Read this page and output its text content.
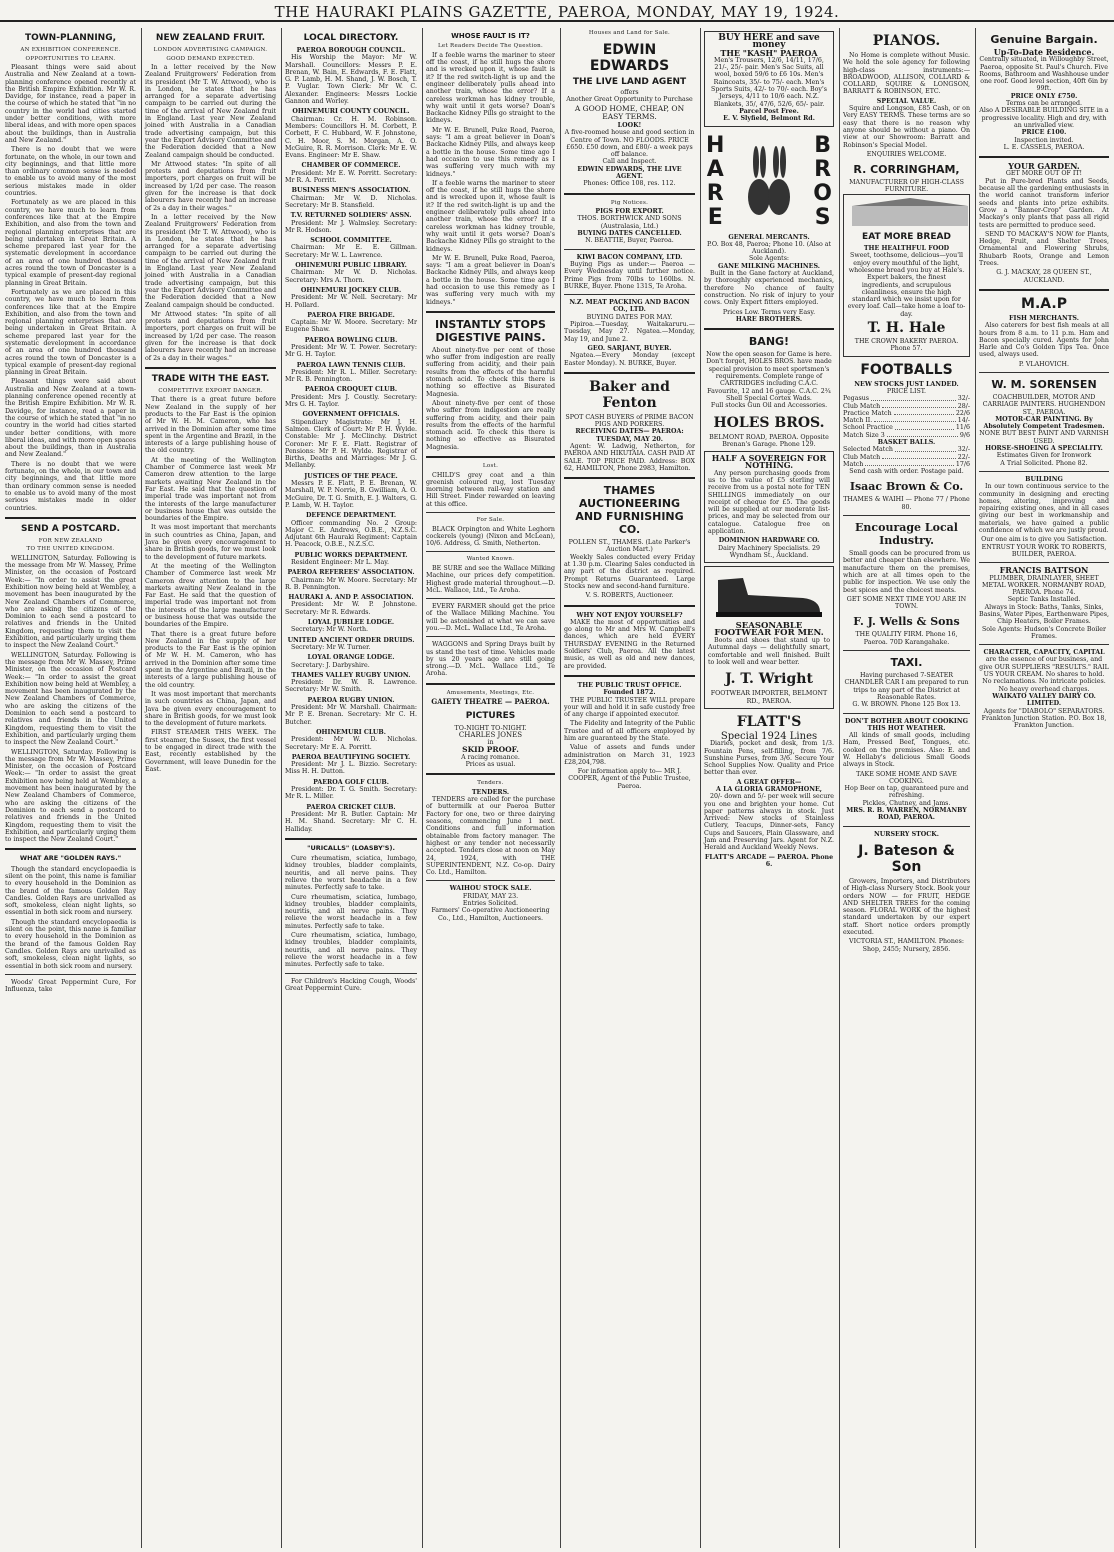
THE HAURAKI PLAINS GAZETTE, PAEROA, MONDAY, MAY 19, 1924.
TOWN-PLANNING,
AN EXHIBITION CONFERENCE.
OPPORTUNITIES TO LEARN.

Pleasant things were said about Australia and New Zealand at a town-planning conference opened recently at the British Empire Exhibition. Mr W. R. Davidge, for instance, read a paper in the course of which he stated that "in no country in the world had cities started under better conditions, with more liberal ideas, and with more open spaces about the buildings, than in Australia and New Zealand."

There is no doubt that we were fortunate, on the whole, in our town and city beginnings, and that little more than ordinary common sense is needed to enable us to avoid many of the most serious mistakes made in older countries.

Fortunately as we are placed in this country, we have much to learn from conferences like that at the Empire Exhibition, and also from the town and regional planning enterprises that are being undertaken in Great Britain. A scheme prepared last year for the systematic development in accordance of an area of one hundred thousand acres round the town of Doncaster is a typical example of present-day regional planning in Great Britain.

Fortunately as we are placed in this country, we have much to learn from conferences like that at the Empire Exhibition, and also from the town and regional planning enterprises that are being undertaken in Great Britain. A scheme prepared last year for the systematic development in accordance of an area of one hundred thousand acres round the town of Doncaster is a typical example of present-day regional planning in Great Britain.

Pleasant things were said about Australia and New Zealand at a town-planning conference opened recently at the British Empire Exhibition. Mr W. R. Davidge, for instance, read a paper in the course of which he stated that "in no country in the world had cities started under better conditions, with more liberal ideas, and with more open spaces about the buildings, than in Australia and New Zealand."

There is no doubt that we were fortunate, on the whole, in our town and city beginnings, and that little more than ordinary common sense is needed to enable us to avoid many of the most serious mistakes made in older countries.

SEND A POSTCARD.
FOR NEW ZEALAND
TO THE UNITED KINGDOM.

WELLINGTON, Saturday. Following is the message from Mr W. Massey, Prime Minister, on the occasion of Postcard Week:— "In order to assist the great Exhibition now being held at Wembley, a movement has been inaugurated by the New Zealand Chambers of Commerce, who are asking the citizens of the Dominion to each send a postcard to relatives and friends in the United Kingdom, requesting them to visit the Exhibition, and particularly urging them to inspect the New Zealand Court."

WELLINGTON, Saturday. Following is the message from Mr W. Massey, Prime Minister, on the occasion of Postcard Week:— "In order to assist the great Exhibition now being held at Wembley, a movement has been inaugurated by the New Zealand Chambers of Commerce, who are asking the citizens of the Dominion to each send a postcard to relatives and friends in the United Kingdom, requesting them to visit the Exhibition, and particularly urging them to inspect the New Zealand Court."

WELLINGTON, Saturday. Following is the message from Mr W. Massey, Prime Minister, on the occasion of Postcard Week:— "In order to assist the great Exhibition now being held at Wembley, a movement has been inaugurated by the New Zealand Chambers of Commerce, who are asking the citizens of the Dominion to each send a postcard to relatives and friends in the United Kingdom, requesting them to visit the Exhibition, and particularly urging them to inspect the New Zealand Court."

WHAT ARE "GOLDEN RAYS."

Though the standard encyclopaedia is silent on the point, this name is familiar to every household in the Dominion as the brand of the famous Golden Ray Candles. Golden Rays are unrivalled as soft, smokeless, clean night lights, so essential in both sick room and nursery.

Though the standard encyclopaedia is silent on the point, this name is familiar to every household in the Dominion as the brand of the famous Golden Ray Candles. Golden Rays are unrivalled as soft, smokeless, clean night lights, so essential in both sick room and nursery.

Woods' Great Peppermint Cure, For Influenza, take

NEW ZEALAND FRUIT.
LONDON ADVERTISING CAMPAIGN.
GOOD DEMAND EXPECTED.

In a letter received by the New Zealand Fruitgrowers' Federation from its president (Mr T. W. Attwood), who is in London, he states that he has arranged for a separate advertising campaign to be carried out during the time of the arrival of New Zealand fruit in England. Last year New Zealand joined with Australia in a Canadian trade advertising campaign, but this year the Export Advisory Committee and the Federation decided that a New Zealand campaign should be conducted.

Mr Attwood states: "In spite of all protests and deputations from fruit importers, port charges on fruit will be increased by 1/2d per case. The reason given for the increase is that dock labourers have recently had an increase of 2s a day in their wages."

In a letter received by the New Zealand Fruitgrowers' Federation from its president (Mr T. W. Attwood), who is in London, he states that he has arranged for a separate advertising campaign to be carried out during the time of the arrival of New Zealand fruit in England. Last year New Zealand joined with Australia in a Canadian trade advertising campaign, but this year the Export Advisory Committee and the Federation decided that a New Zealand campaign should be conducted.

Mr Attwood states: "In spite of all protests and deputations from fruit importers, port charges on fruit will be increased by 1/2d per case. The reason given for the increase is that dock labourers have recently had an increase of 2s a day in their wages."

TRADE WITH THE EAST.
COMPETITIVE EXPORT DANGER.

That there is a great future before New Zealand in the supply of her products to the Far East is the opinion of Mr W. H. M. Cameron, who has arrived in the Dominion after some time spent in the Argentine and Brazil, in the interests of a large publishing house of the old country.

At the meeting of the Wellington Chamber of Commerce last week Mr Cameron drew attention to the large markets awaiting New Zealand in the Far East. He said that the question of imperial trade was important not from the interests of the large manufacturer or business house that was outside the boundaries of the Empire.

It was most important that merchants in such countries as China, Japan, and Java be given every encouragement to share in British goods, for we must look to the development of future markets.

At the meeting of the Wellington Chamber of Commerce last week Mr Cameron drew attention to the large markets awaiting New Zealand in the Far East. He said that the question of imperial trade was important not from the interests of the large manufacturer or business house that was outside the boundaries of the Empire.

That there is a great future before New Zealand in the supply of her products to the Far East is the opinion of Mr W. H. M. Cameron, who has arrived in the Dominion after some time spent in the Argentine and Brazil, in the interests of a large publishing house of the old country.

It was most important that merchants in such countries as China, Japan, and Java be given every encouragement to share in British goods, for we must look to the development of future markets.

FIRST STEAMER THIS WEEK. The first steamer, the Sussex, the first vessel to be engaged in direct trade with the East, recently established by the Government, will leave Dunedin for the East.

LOCAL DIRECTORY.
PAEROA BOROUGH COUNCIL.

His Worship the Mayor: Mr W. Marshall. Councillors: Messrs P. E. Brenan, W. Bain, E. Edwards, F. E. Flatt, G. P. Lamb, H. M. Shand, J. W. Bosch, T. P. Vuglar. Town Clerk: Mr W. C. Alexander. Engineers: Messrs Lockie Gannon and Worley.

OHINEMURI COUNTY COUNCIL.

Chairman: Cr. H. M. Robinson. Members: Councillors H. M. Corbett, P. Corbett, F. C. Hubbard, W. F. Johnstone, C. H. Moor, S. M. Morgan, A. O. McGuire, R. R. Morrison. Clerk: Mr E. W. Evans. Engineer: Mr E. Shaw.

CHAMBER OF COMMERCE.

President: Mr E. W. Porritt. Secretary: Mr R. A. Porritt.

BUSINESS MEN'S ASSOCIATION.

Chairman: Mr W. D. Nicholas. Secretary: Mr B. Stansfield.

T.V. RETURNED SOLDIERS' ASSN.

President: Mr J. Walmsley. Secretary: Mr R. Hodson.

SCHOOL COMMITTEE.

Chairman: Mr E. E. Gillman. Secretary: Mr W. L. Lawrence.

OHINEMURI PUBLIC LIBRARY.

Chairman: Mr W. D. Nicholas. Secretary: Mrs A. Thorn.

OHINEMURI JOCKEY CLUB.

President: Mr W. Nell. Secretary: Mr H. Pollard.

PAEROA FIRE BRIGADE.

Captain: Mr W. Moore. Secretary: Mr Eugene Shaw.

PAEROA BOWLING CLUB.

President: Mr W. T. Power. Secretary: Mr G. H. Taylor.

PAEROA LAWN TENNIS CLUB.

President: Mr R. L. Miller. Secretary: Mr R. B. Pennington.

PAEROA CROQUET CLUB.

President: Mrs J. Coustly. Secretary: Mrs G. H. Taylor.

GOVERNMENT OFFICIALS.

Stipendiary Magistrate: Mr J. H. Salmon. Clerk of Court: Mr P. H. Wylde. Constable: Mr J. McClinchy. District Coroner: Mr F. E. Flatt. Registrar of Pensions: Mr P. H. Wylde. Registrar of Births, Deaths and Marriages: Mr J. G. Mellanby.

JUSTICES OF THE PEACE.

Messrs P. E. Flatt, P. E. Brenan, W. Marshall, W. P. Norrie, B. Gwilliam, A. O. McGuire, Dr. T. G. Smith, E. J. Walters, G. P. Lamb, W. H. Taylor.

DEFENCE DEPARTMENT.

Officer commanding No. 2 Group: Major C. E. Andrews, O.B.E., N.Z.S.C. Adjutant 6th Hauraki Regiment: Captain H. Peacock, O.B.E., N.Z.S.C.

PUBLIC WORKS DEPARTMENT.

Resident Engineer: Mr L. May.

PAEROA REFEREES' ASSOCIATION.

Chairman: Mr W. Moore. Secretary: Mr R. B. Pennington.

HAURAKI A. AND P. ASSOCIATION.

President: Mr W. P. Johnstone. Secretary: Mr R. Edwards.

LOYAL JUBILEE LODGE.

Secretary: Mr W. North.

UNITED ANCIENT ORDER DRUIDS.

Secretary: Mr W. Turner.

LOYAL ORANGE LODGE.

Secretary: J. Darbyshire.

THAMES VALLEY RUGBY UNION.

President: Dr. W. R. Lawrence. Secretary: Mr W. Smith.

PAEROA RUGBY UNION.

President: Mr W. Marshall. Chairman: Mr P. E. Brenan. Secretary: Mr C. H. Butcher.

OHINEMURI CLUB.

President: Mr W. D. Nicholas. Secretary: Mr E. A. Porritt.

PAEROA BEAUTIFYING SOCIETY.

President: Mr J. L. Bizzio. Secretary: Miss H. H. Dutton.

PAEROA GOLF CLUB.

President: Dr. T. G. Smith. Secretary: Mr R. L. Miller.

PAEROA CRICKET CLUB.

President: Mr R. Butler. Captain: Mr H. M. Shand. Secretary: Mr C. H. Halliday.

"URICALLS" (LOASBY'S).

Cure rheumatism, sciatica, lumbago, kidney troubles, bladder complaints, neuritis, and all nerve pains. They relieve the worst headache in a few minutes. Perfectly safe to take.

Cure rheumatism, sciatica, lumbago, kidney troubles, bladder complaints, neuritis, and all nerve pains. They relieve the worst headache in a few minutes. Perfectly safe to take.

Cure rheumatism, sciatica, lumbago, kidney troubles, bladder complaints, neuritis, and all nerve pains. They relieve the worst headache in a few minutes. Perfectly safe to take.

For Children's Hacking Cough, Woods' Great Peppermint Cure.

WHOSE FAULT IS IT?
Let Readers Decide The Question.

If a feeble warns the mariner to steer off the coast, if he still hugs the shore and is wrecked upon it, whose fault is it? If the red switch-light is up and the engineer deliberately pulls ahead into another train, whose the error? If a careless workman has kidney trouble, why wait until it gets worse? Doan's Backache Kidney Pills go straight to the kidneys.

Mr W. E. Brunell, Puke Road, Paeroa, says: "I am a great believer in Doan's Backache Kidney Pills, and always keep a bottle in the house. Some time ago I had occasion to use this remedy as I was suffering very much with my kidneys."

If a feeble warns the mariner to steer off the coast, if he still hugs the shore and is wrecked upon it, whose fault is it? If the red switch-light is up and the engineer deliberately pulls ahead into another train, whose the error? If a careless workman has kidney trouble, why wait until it gets worse? Doan's Backache Kidney Pills go straight to the kidneys.

Mr W. E. Brunell, Puke Road, Paeroa, says: "I am a great believer in Doan's Backache Kidney Pills, and always keep a bottle in the house. Some time ago I had occasion to use this remedy as I was suffering very much with my kidneys."

INSTANTLY STOPS DIGESTIVE PAINS.

About ninety-five per cent of those who suffer from indigestion are really suffering from acidity, and their pain results from the effects of the harmful stomach acid. To check this there is nothing so effective as Bisurated Magnesia.

About ninety-five per cent of those who suffer from indigestion are really suffering from acidity, and their pain results from the effects of the harmful stomach acid. To check this there is nothing so effective as Bisurated Magnesia.

Lost.

CHILD'S grey coat and a thin greenish coloured rug, lost Tuesday morning between rail-way station and Hill Street. Finder rewarded on leaving at this office.

For Sale.

BLACK Orpington and White Leghorn cockerels (young) (Nixon and McLean), 10/6. Address, G. Smith, Netherton.

Wanted Known.

BE SURE and see the Wallace Milking Machine, our prices defy competition. Highest grade material throughout.—D. McL. Wallace, Ltd., Te Aroha.

EVERY FARMER should get the price of the Wallace Milking Machine. You will be astonished at what we can save you.—D. McL. Wallace Ltd., Te Aroha.

WAGGONS and Spring Drays built by us stand the test of time. Vehicles made by us 20 years ago are still going strong.—D. McL. Wallace Ltd., Te Aroha.

Amusements, Meetings, Etc.
GAIETY THEATRE — PAEROA.
PICTURES
TO-NIGHT TO-NIGHT.
CHARLES JONES
in
SKID PROOF.
A racing romance.
Prices as usual.
Tenders.
TENDERS.

TENDERS are called for the purchase of buttermilk at our Paeroa Butter Factory for one, two or three dairying seasons, commencing June 1 next. Conditions and full information obtainable from factory manager. The highest or any tender not necessarily accepted. Tenders close at noon on May 24, 1924, with THE SUPERINTENDENT, N.Z. Co-op. Dairy Co. Ltd., Hamilton.

WAIHOU STOCK SALE.
FRIDAY, MAY 23.
Entries Solicited.
Farmers' Co-operative Auctioneering Co., Ltd., Hamilton, Auctioneers.
Houses and Land for Sale.
EDWIN EDWARDS
THE LIVE LAND AGENT
offers
Another Great Opportunity to Purchase
A GOOD HOME, CHEAP, ON EASY TERMS.
LOOK!

A five-roomed house and good section in Centre of Town. NO FLOODS. PRICE £650. £50 down, and £80/- a week pays off balance.

Call and Inspect.
EDWIN EDWARDS, THE LIVE AGENT.
Phones: Office 108, res. 112.
Pig Notices.
PIGS FOR EXPORT.
THOS. BORTHWICK AND SONS (Australasia, Ltd.)
BUYING DATES CANCELLED.
N. BEATTIE, Buyer, Paeroa.
KIWI BACON COMPANY, LTD.

Buying Pigs as under:— Paeroa — Every Wednesday until further notice. Prime Pigs from 70lbs to 160lbs. N. BURKE, Buyer. Phone 131S, Te Aroha.

N.Z. MEAT PACKING AND BACON CO., LTD.
BUYING DATES FOR MAY.

Pipiroa.—Tuesday, Waitakaruru.—Tuesday, May 27. Ngatea.—Monday, May 19, and June 2.

GEO. SARJANT, BUYER.

Ngatea.—Every Monday (except Easter Monday). N. BURKE, Buyer.

Baker and Fenton
SPOT CASH BUYERS of PRIME BACON PIGS AND PORKERS.
RECEIVING DATES— PAEROA: TUESDAY, MAY 20.

Agent: W. Ladwig, Netherton, for PAEROA AND HIKUTAIA. CASH PAID AT SALE. TOP PRICE PAID. Address: BOX 62, HAMILTON, Phone 2983, Hamilton.

THAMES AUCTIONEERING AND FURNISHING CO.
POLLEN ST., THAMES. (Late Parker's Auction Mart.)

Weekly Sales conducted every Friday at 1.30 p.m. Clearing Sales conducted in any part of the district as required. Prompt Returns Guaranteed. Large Stocks new and second-hand furniture.

V. S. ROBERTS, Auctioneer.
WHY NOT ENJOY YOURSELF?

MAKE the most of opportunities and go along to Mr and Mrs W. Campbell's dances, which are held EVERY THURSDAY EVENING in the Returned Soldiers' Club, Paeroa. All the latest music, as well as old and new dances, are provided.

THE PUBLIC TRUST OFFICE. Founded 1872.

THE PUBLIC TRUSTEE WILL prepare your will and hold it in safe custody free of any charge if appointed executor.

The Fidelity and Integrity of the Public Trustee and of all officers employed by him are guaranteed by the State.

Value of assets and funds under administration on March 31, 1923 £28,204,798.

For information apply to— MR J. COOPER, Agent of the Public Trustee, Paeroa.
BUY HERE and save money
THE "KASH" PAEROA

Men's Trousers, 12/6, 14/11, 17/6, 21/-, 25/- pair. Men's Sac Suits, all wool, boxed 59/6 to £6 10s. Men's Raincoats, 35/- to 75/- each. Men's Sports Suits, 42/- to 70/- each. Boy's Jerseys, 4/11 to 10/6 each. N.Z. Blankets, 35/, 47/6, 52/6, 65/- pair.

Parcel Post Free.
E. V. Slyfield, Belmont Rd.
H
A
R
E
B
R
O
S
GENERAL MERCANTS.
P.O. Box 48, Paeroa; Phone 10. (Also at Auckland).
Sole Agents:
GANE MILKING MACHINES.

Built in the Gane factory at Auckland, by thoroughly experienced mechanics, therefore No chance of faulty construction. No risk of injury to your cows. Only Expert fitters employed.

Prices Low. Terms very Easy.
HARE BROTHERS.
BANG!

Now the open season for Game is here. Don't forget, HOLES BROS. have made special provision to meet sportsmen's requirements. Complete range of CARTRIDGES including C.A.C. Favourite, 12 and 16 gauge. C.A.C. 2¾ Shell Special Cortex Wads.

Full stocks Gun Oil and Accessories.
HOLES BROS.
BELMONT ROAD, PAEROA. Opposite Brenan's Garage. Phone 129.
HALF A SOVEREIGN FOR NOTHING.

Any person purchasing goods from us to the value of £5 sterling will receive from us a postal note for TEN SHILLINGS immediately on our receipt of cheque for £5. The goods will be supplied at our moderate list-prices, and may be selected from our catalogue. Catalogue free on application.

DOMINION HARDWARE CO.
Dairy Machinery Specialists. 29 Wyndham St., Auckland.
SEASONABLE FOOTWEAR FOR MEN.

Boots and shoes that stand up to Autumnal days — delightfully smart, comfortable and well finished. Built to look well and wear better.

J. T. Wright
FOOTWEAR IMPORTER, BELMONT RD., PAEROA.
FLATT'S
Special 1924 Lines

Diaries, pocket and desk, from 1/3. Fountain Pens, self-filling, from 7/6. Sunshine Purses, from 3/6. Secure Your School Supplies Now. Quality and Price better than ever.

A GREAT OFFER—
A LA GLORIA GRAMOPHONE,

20/- down and 5/- per week will secure you one and brighten your home. Cut paper patterns always in stock. Just Arrived: New stocks of Stainless Cutlery, Teacups, Dinner-sets, Fancy Cups and Saucers, Plain Glassware, and Jam and Preserving Jars. Agent for N.Z. Herald and Auckland Weekly News.

FLATT'S ARCADE — PAEROA. Phone 6.
PIANOS.

No Home is complete without Music. We hold the sole agency for following high-class instruments:— BROADWOOD, ALLISON, COLLARD & COLLARD, SQUIRE & LONGSON, BARRATT & ROBINSON, ETC.

SPECIAL VALUE.

Squire and Longson, £85 Cash, or on Very EASY TERMS. These terms are so easy that there is no reason why anyone should be without a piano. On view at our Showroom: Barratt and Robinson's Special Model.

ENQUIRIES WELCOME.
R. CORRINGHAM,
MANUFACTURER OF HIGH-CLASS FURNITURE.
EAT MORE BREAD
THE HEALTHFUL FOOD

Sweet, toothsome, delicious—you'll enjoy every mouthful of the light, wholesome bread you buy at Hale's. Expert bakers, the finest ingredients, and scrupulous cleanliness, ensure the high standard which we insist upon for every loaf. Call—take home a loaf to-day.

T. H. Hale
THE CROWN BAKERY PAEROA. Phone 57.
FOOTBALLS
NEW STOCKS JUST LANDED.
PRICE LIST.
Pegasus	32/-
Club Match	28/-
Practice Match	22/6
Match II.	14/-
School Practice	11/6
Match Size 3	9/6
BASKET BALLS.
Selected Match	32/-
Club Match	22/-
Match	17/6
Send cash with order. Postage paid.
Isaac Brown & Co.
THAMES & WAIHI — Phone 77 / Phone 80.
Encourage Local Industry.

Small goods can be procured from us better and cheaper than elsewhere. We manufacture them on the premises, which are at all times open to the public for inspection. We use only the best spices and the choicest meats.

GET SOME NEXT TIME YOU ARE IN TOWN.
F. J. Wells & Sons
THE QUALITY FIRM. Phone 16, Paeroa. 70D Karangahake.
TAXI.

Having purchased 7-SEATER CHANDLER CAR I am prepared to run trips to any part of the District at Reasonable Rates.

G. W. BROWN. Phone 125 Box 13.
DON'T BOTHER ABOUT COOKING THIS HOT WEATHER.

All kinds of small goods, including Ham, Pressed Beef, Tongues, etc. cooked on the premises. Also: E. and W. Hellaby's delicious Small Goods always in Stock.

TAKE SOME HOME AND SAVE COOKING.
Hop Beer on tap, guaranteed pure and refreshing.
Pickles, Chutney, and Jams.
MRS. R. B. WARREN, NORMANBY ROAD, PAEROA.
NURSERY STOCK.
J. Bateson & Son

Growers, Importers, and Distributors of High-class Nursery Stock. Book your orders NOW — for FRUIT, HEDGE AND SHELTER TREES for the coming season. FLORAL WORK of the highest standard undertaken by our expert staff. Short notice orders promptly executed.

VICTORIA ST., HAMILTON. Phones: Shop, 2455; Nursery, 2856.
Genuine Bargain.
Up-To-Date Residence.

Centrally situated, in Willoughby Street, Paeroa, opposite St. Paul's Church. Five Rooms, Bathroom and Washhouse under one roof. Good level section, 40ft 6in by 99ft.

PRICE ONLY £750.
Terms can be arranged.

Also A DESIRABLE BUILDING SITE in a progressive locality. High and dry, with an unrivalled view.

PRICE £100.
Inspection invited.
L. E. CASSELS, PAEROA.
YOUR GARDEN.
GET MORE OUT OF IT!

Put in Pure-bred Plants and Seeds, because all the gardening enthusiasts in the world cannot transform inferior seeds and plants into prize exhibits. Grow a "Banner-Crop" Garden. At Mackay's only plants that pass all rigid tests are permitted to produce seed.

SEND TO MACKAY'S NOW for Plants, Hedge, Fruit, and Shelter Trees, Ornamental and Flowering Shrubs, Rhubarb Roots, Orange and Lemon Trees.

G. J. MACKAY, 28 QUEEN ST., AUCKLAND.
M.A.P
FISH MERCHANTS.

Also caterers for best fish meals at all hours from 8 a.m. to 11 p.m. Ham and Bacon specially cured. Agents for John Harle and Co's Golden Tips Tea. Once used, always used.

P. VLAHOVICH.
W. M. SORENSEN

COACHBUILDER, MOTOR AND CARRIAGE PAINTERS. HUGHENDON ST., PAEROA.

MOTOR-CAR PAINTING. By Absolutely Competent Tradesmen.
NONE BUT BEST PAINT AND VARNISH USED.
HORSE-SHOEING A SPECIALITY.
Estimates Given for Ironwork
A Trial Solicited. Phone 82.
BUILDING

In our town continuous service to the community in designing and erecting homes, altering, improving and repairing existing ones, and in all cases giving our best in workmanship and materials, we have gained a public confidence of which we are justly proud.

Our one aim is to give you Satisfaction.
ENTRUST YOUR WORK TO ROBERTS, BUILDER, PAEROA.
FRANCIS BATTSON

PLUMBER, DRAINLAYER, SHEET METAL WORKER. NORMANBY ROAD, PAEROA. Phone 74.

Septic Tanks Installed.

Always in Stock: Baths, Tanks, Sinks, Basins, Water Pipes, Earthenware Pipes, Chip Heaters, Boiler Frames.

Sole Agents: Hudson's Concrete Boiler Frames.
CHARACTER, CAPACITY, CAPITAL

are the essence of our business, and give OUR SUPPLIERS "RESULTS." RAIL US YOUR CREAM. No shares to hold. No reclamations. No intricate policies. No heavy overhead charges.

WAIKATO VALLEY DAIRY CO. LIMITED.
Agents for "DIABOLO" SEPARATORS. Frankton Junction Station. P.O. Box 18, Frankton Junction.
